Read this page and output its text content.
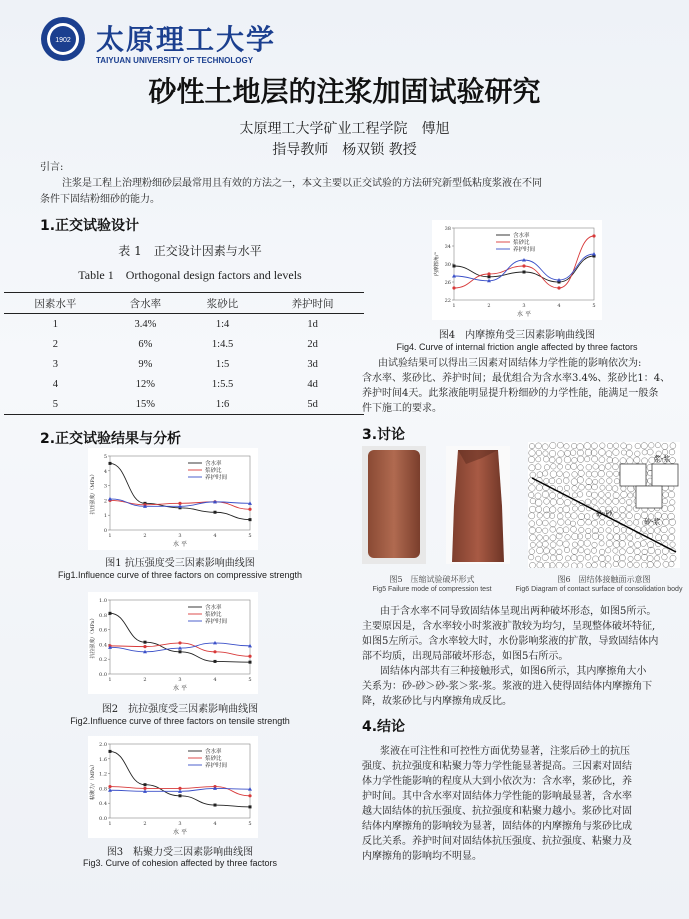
1902 太原理工大学
TAIYUAN UNIVERSITY OF TECHNOLOGY
砂性土地层的注浆加固试验研究
太原理工大学矿业工程学院　傅旭
指导教师　杨双锁 教授
引言:
注浆是工程上治理粉细砂层最常用且有效的方法之一，本文主要以正交试验的方法研究新型低粘度浆液在不同
条件下固结粉细砂的能力。
1.正交试验设计
表 1　正交设计因素与水平
Table 1　Orthogonal design factors and levels
因素水平	含水率	浆砂比	养护时间
1	3.4%	1:4	1d
2	6%	1:4.5	2d
3	9%	1:5	3d
4	12%	1:5.5	4d
5	15%	1:6	5d
2.正交试验结果与分析
0
1
2
3
4
5
1	2	3	4	5
水 平
抗压强度/（MPa）
含水率
浆砂比
养护时间
图1 抗压强度受三因素影响曲线图
Fig1.Influence curve of three factors on compressive strength
0.0
0.2
0.4
0.6
0.8
1.0
1	2	3	4	5
水 平
抗拉强度/（MPa）
含水率
浆砂比
养护时间
图2　抗拉强度受三因素影响曲线图
Fig2.Influence curve of three factors on tensile strength
0.0
0.4
0.8
1.2
1.6
2.0
1	2	3	4	5
水 平
粘聚力/（MPa）
含水率
浆砂比
养护时间
图3　粘聚力受三因素影响曲线图
Fig3. Curve of cohesion affected by three factors
22
26
30
34
38
1	2	3	4	5
水 平
内摩擦角/°
含水率
浆砂比
养护时间
图4　内摩擦角受三因素影响曲线图
Fig4. Curve of internal friction angle affected by three factors
由试验结果可以得出三因素对固结体力学性能的影响依次为:
含水率、浆砂比、养护时间；最优组合为含水率3.4%、浆砂比1：4、
养护时间4天。此浆液能明显提升粉细砂的力学性能，能满足一般条
件下施工的要求。
3.讨论
浆-浆
砂-砂
砂-浆
图5　压缩试验破坏形式	图6　固结体接触面示意图
Fig5 Failure mode of compression test	Fig6 Diagram of contact surface of consolidation body
由于含水率不同导致固结体呈现出两种破坏形态，如图5所示。
主要原因是，含水率较小时浆液扩散较为均匀，呈现整体破坏特征,
如图5左所示。含水率较大时，水份影响浆液的扩散，导致固结体内
部不均质，出现局部破坏形态，如图5右所示。
固结体内部共有三种接触形式，如图6所示，其内摩擦角大小
关系为：砂-砂＞砂-浆＞浆-浆。浆液的进入使得固结体内摩擦角下
降，故浆砂比与内摩擦角成反比。
4.结论
浆液在可注性和可控性方面优势显著，注浆后砂土的抗压
强度、抗拉强度和粘聚力等力学性能显著提高。三因素对固结
体力学性能影响的程度从大到小依次为：含水率，浆砂比，养
护时间。其中含水率对固结体力学性能的影响最显著，含水率
越大固结体的抗压强度、抗拉强度和粘聚力越小。浆砂比对固
结体内摩擦角的影响较为显著，固结体的内摩擦角与浆砂比成
反比关系。养护时间对固结体抗压强度、抗拉强度、粘聚力及
内摩擦角的影响均不明显。
